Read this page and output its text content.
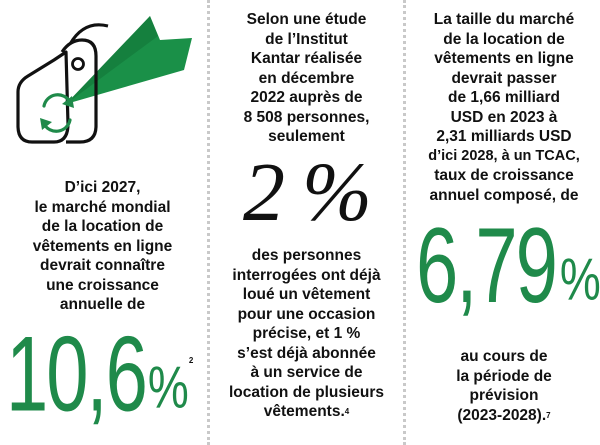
D’ici 2027,
le marché mondial
de la location de
vêtements en ligne
devrait connaître
une croissance
annuelle de
10,6% $^2$
Selon une étude
de l’Institut
Kantar réalisée
en décembre
2022 auprès de
8 508 personnes,
seulement
2 %
des personnes
interrogées ont déjà
loué un vêtement
pour une occasion
précise, et 1 %
s’est déjà abonnée
à un service de
location de plusieurs
vêtements.$^4$
La taille du marché
de la location de
vêtements en ligne
devrait passer
de 1,66 milliard
USD en 2023 à
2,31 milliards USD
d’ici 2028, à un TCAC,
taux de croissance
annuel composé, de
6,79%
au cours de
la période de
prévision
(2023-2028).$^7$
